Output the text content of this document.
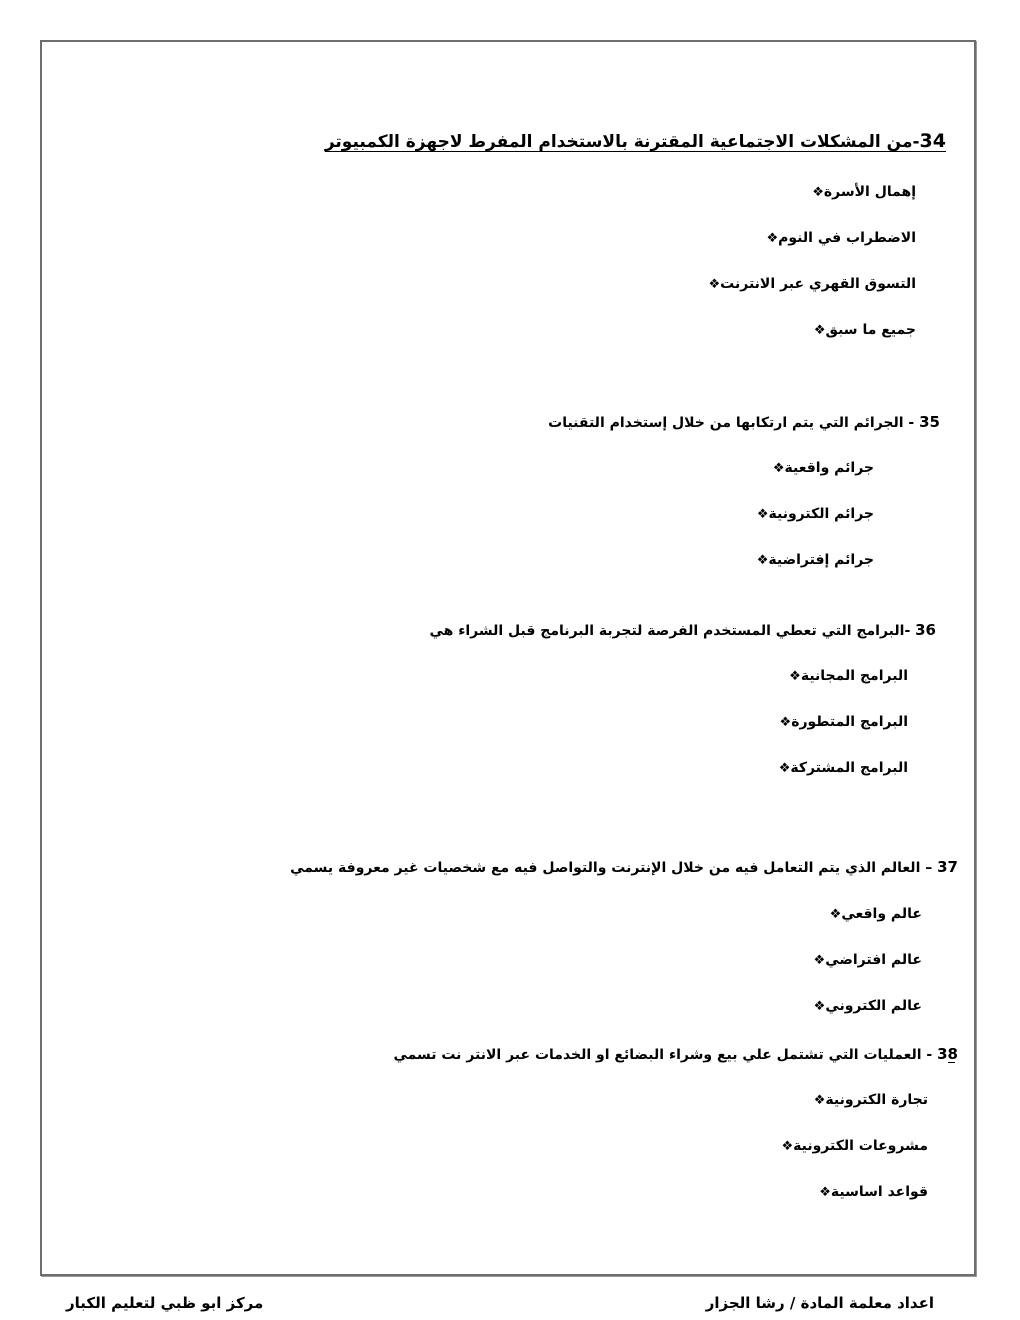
34-من المشكلات الاجتماعية المقترنة بالاستخدام المفرط لاجهزة الكمبيوتر
❖إهمال الأسرة
❖الاضطراب في النوم
❖التسوق القهري عبر الانترنت
❖جميع ما سبق
35 - الجرائم التي يتم ارتكابها من خلال إستخدام التقنيات
❖جرائم واقعية
❖جرائم الكترونية
❖جرائم إفتراضية
36 -البرامج التي تعطي المستخدم الفرصة لتجربة البرنامج قبل الشراء هي
❖البرامج المجانية
❖البرامج المتطورة
❖البرامج المشتركة
37 – العالم الذي يتم التعامل فيه من خلال الإنترنت والتواصل فيه مع شخصيات غير معروفة يسمي
❖عالم واقعي
❖عالم افتراضي
❖عالم الكتروني
38 - العمليات التي تشتمل علي بيع وشراء البضائع او الخدمات عبر الانتر نت تسمي
❖تجارة الكترونية
❖مشروعات الكترونية
❖قواعد اساسية
اعداد معلمة المادة / رشا الجزار
مركز ابو ظبي لتعليم الكبار
